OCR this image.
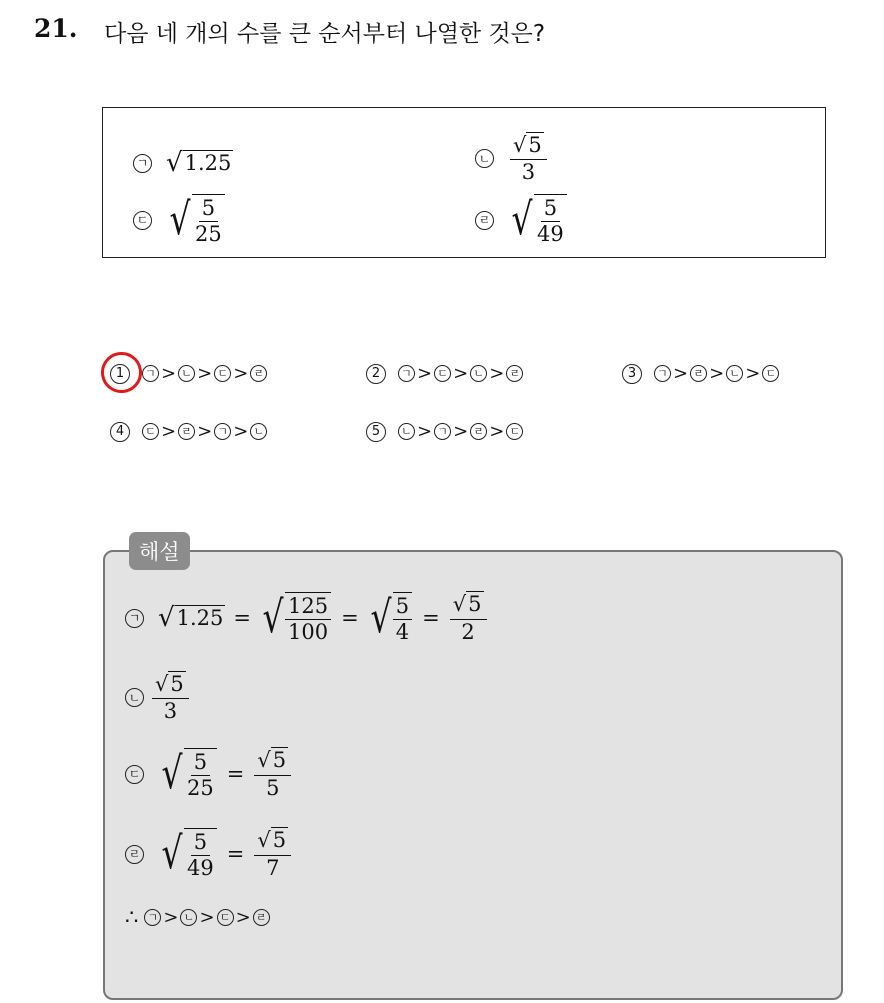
21. 다음 네 개의 수를 큰 순서부터 나열한 것은?
ㄱ √ 1.25	ㄴ $\frac{√5}{3}$
ㄷ √ $\frac{5}{25}$	ㄹ √ $\frac{5}{49}$
1	ㄱ > ㄴ > ㄷ > ㄹ	2	ㄱ > ㄷ > ㄴ > ㄹ	3	ㄱ > ㄹ > ㄴ > ㄷ
4	ㄷ > ㄹ > ㄱ > ㄴ	5	ㄴ > ㄱ > ㄹ > ㄷ
해설
ㄱ √ 1.25 = √ $\frac{125}{100}$ = √ $\frac{5}{4} = \frac{√5}{2}$
ㄴ $\frac{√5}{3}$
ㄷ √ $\frac{5}{25} = \frac{√5}{5}$
ㄹ √ $\frac{5}{49} = \frac{√5}{7}$
∴ ㄱ > ㄴ > ㄷ > ㄹ
